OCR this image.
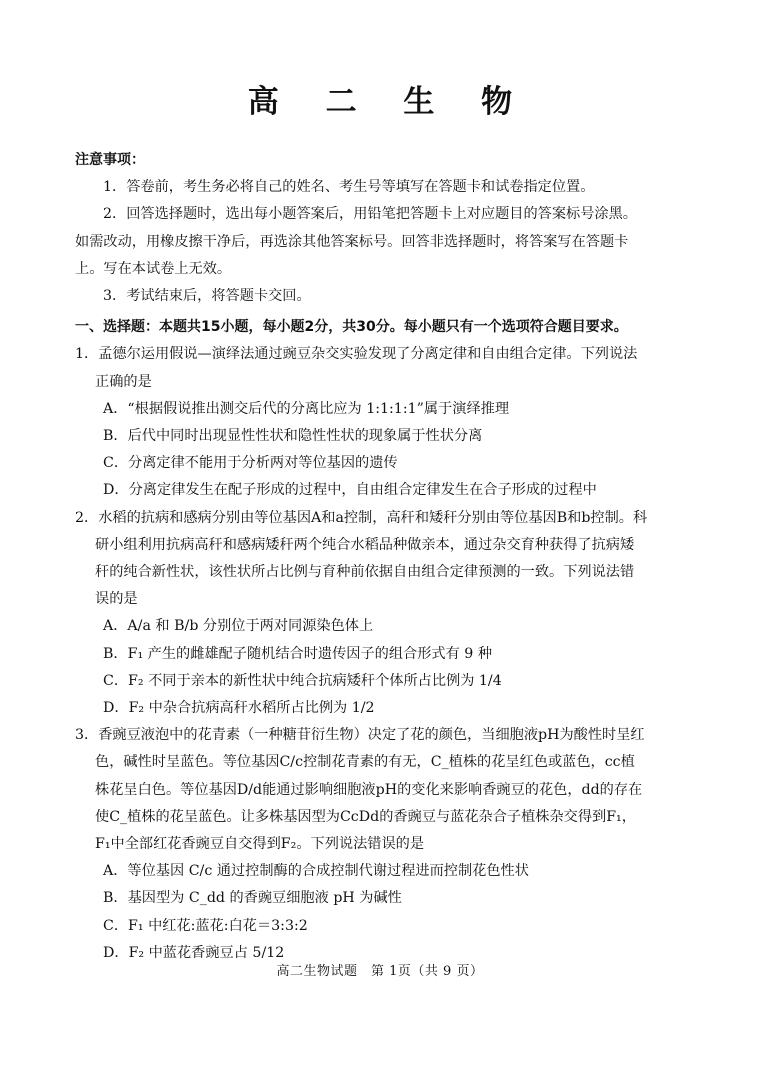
高 二 生 物

注意事项：

1．答卷前，考生务必将自己的姓名、考生号等填写在答题卡和试卷指定位置。

2．回答选择题时，选出每小题答案后，用铅笔把答题卡上对应题目的答案标号涂黑。

如需改动，用橡皮擦干净后，再选涂其他答案标号。回答非选择题时，将答案写在答题卡

上。写在本试卷上无效。

3．考试结束后，将答题卡交回。

一、选择题：本题共15小题，每小题2分，共30分。每小题只有一个选项符合题目要求。

1．孟德尔运用假说—演绎法通过豌豆杂交实验发现了分离定律和自由组合定律。下列说法

正确的是

A．“根据假说推出测交后代的分离比应为 1:1:1:1”属于演绎推理

B．后代中同时出现显性性状和隐性性状的现象属于性状分离

C．分离定律不能用于分析两对等位基因的遗传

D．分离定律发生在配子形成的过程中，自由组合定律发生在合子形成的过程中

2．水稻的抗病和感病分别由等位基因A和a控制，高秆和矮秆分别由等位基因B和b控制。科

研小组利用抗病高秆和感病矮秆两个纯合水稻品种做亲本，通过杂交育种获得了抗病矮

秆的纯合新性状，该性状所占比例与育种前依据自由组合定律预测的一致。下列说法错

误的是

A．A/a 和 B/b 分别位于两对同源染色体上

B．F₁ 产生的雌雄配子随机结合时遗传因子的组合形式有 9 种

C．F₂ 不同于亲本的新性状中纯合抗病矮秆个体所占比例为 1/4

D．F₂ 中杂合抗病高秆水稻所占比例为 1/2

3．香豌豆液泡中的花青素（一种糖苷衍生物）决定了花的颜色，当细胞液pH为酸性时呈红

色，碱性时呈蓝色。等位基因C/c控制花青素的有无，C_植株的花呈红色或蓝色，cc植

株花呈白色。等位基因D/d能通过影响细胞液pH的变化来影响香豌豆的花色，dd的存在

使C_植株的花呈蓝色。让多株基因型为CcDd的香豌豆与蓝花杂合子植株杂交得到F₁，

F₁中全部红花香豌豆自交得到F₂。下列说法错误的是

A．等位基因 C/c 通过控制酶的合成控制代谢过程进而控制花色性状

B．基因型为 C_dd 的香豌豆细胞液 pH 为碱性

C．F₁ 中红花:蓝花:白花＝3:3:2

D．F₂ 中蓝花香豌豆占 5/12

高二生物试题　第 1页（共 9 页）
